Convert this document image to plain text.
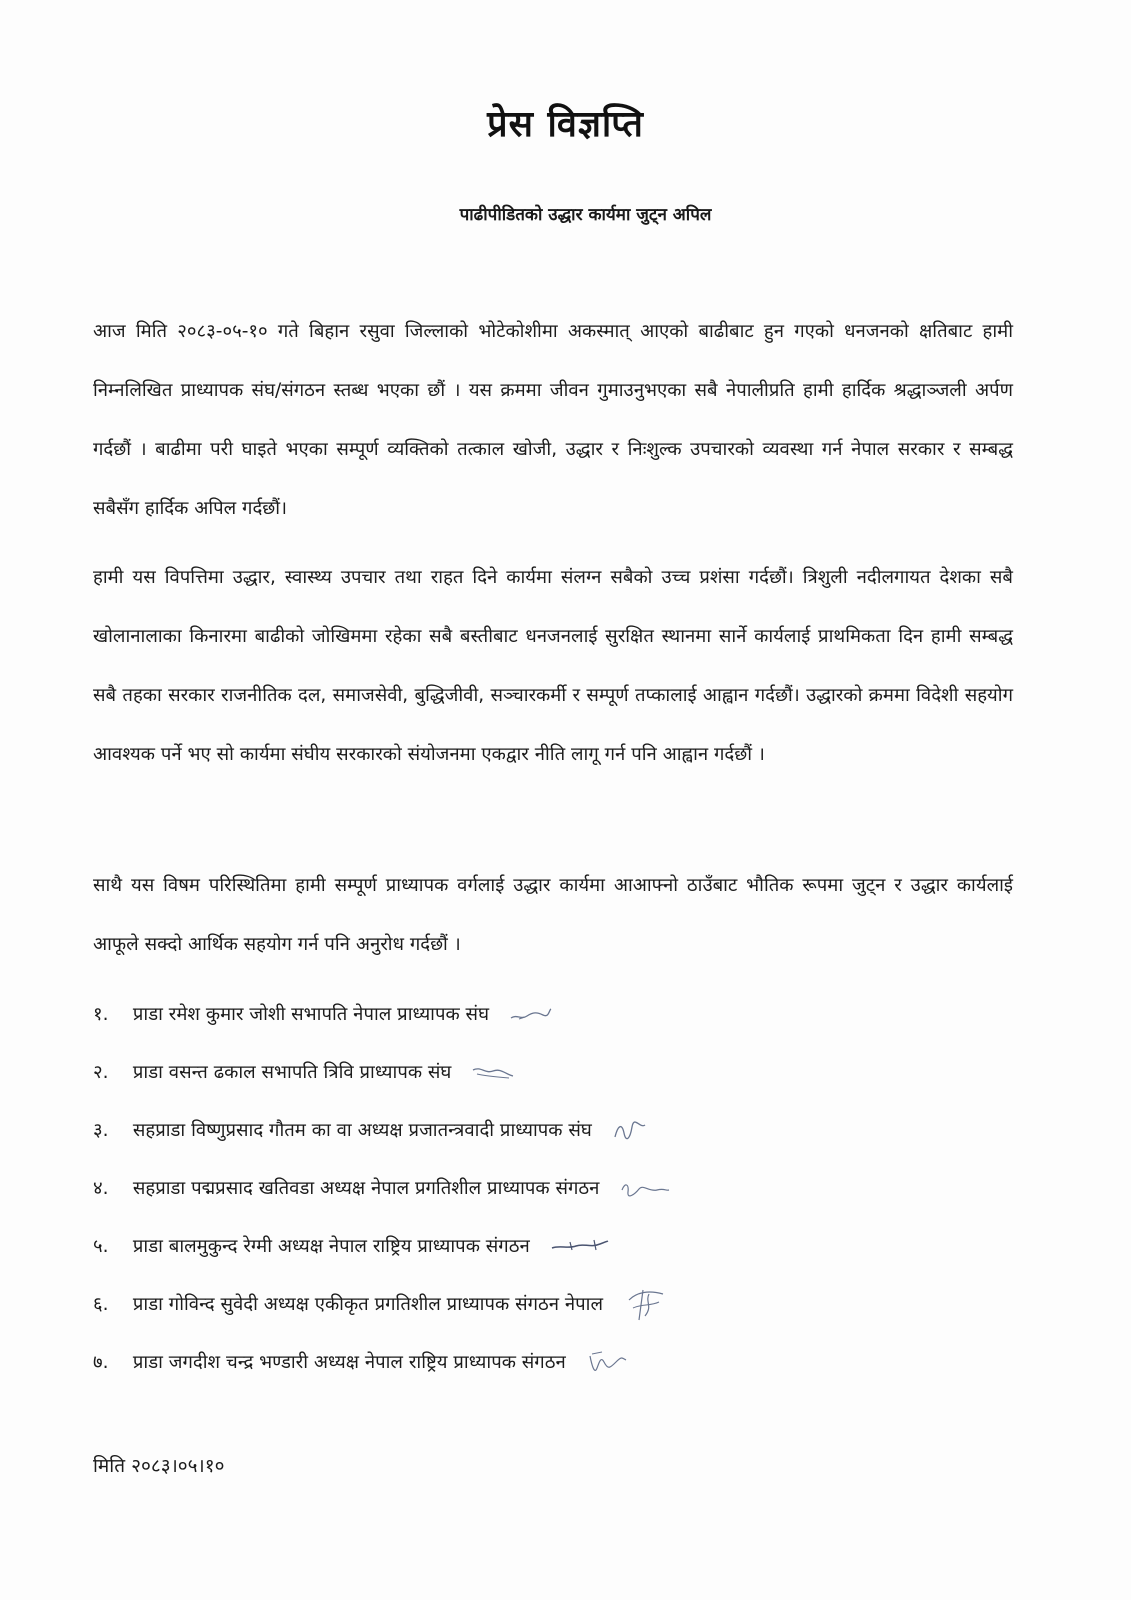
प्रेस विज्ञप्ति
पाढीपीडितको उद्धार कार्यमा जुट्न अपिल
आज मिति २०८३-०५-१० गते बिहान रसुवा जिल्लाको भोटेकोशीमा अकस्मात् आएको बाढीबाट हुन गएको धनजनको क्षतिबाट हामी निम्नलिखित प्राध्यापक संघ/संगठन स्तब्ध भएका छौं । यस क्रममा जीवन गुमाउनुभएका सबै नेपालीप्रति हामी हार्दिक श्रद्धाञ्जली अर्पण गर्दछौं । बाढीमा परी घाइते भएका सम्पूर्ण व्यक्तिको तत्काल खोजी, उद्धार र निःशुल्क उपचारको व्यवस्था गर्न नेपाल सरकार र सम्बद्ध सबैसँग हार्दिक अपिल गर्दछौं।
हामी यस विपत्तिमा उद्धार, स्वास्थ्य उपचार तथा राहत दिने कार्यमा संलग्न सबैको उच्च प्रशंसा गर्दछौं। त्रिशुली नदीलगायत देशका सबै खोलानालाका किनारमा बाढीको जोखिममा रहेका सबै बस्तीबाट धनजनलाई सुरक्षित स्थानमा सार्ने कार्यलाई प्राथमिकता दिन हामी सम्बद्ध सबै तहका सरकार राजनीतिक दल, समाजसेवी, बुद्धिजीवी, सञ्चारकर्मी र सम्पूर्ण तप्कालाई आह्वान गर्दछौं। उद्धारको क्रममा विदेशी सहयोग आवश्यक पर्ने भए सो कार्यमा संघीय सरकारको संयोजनमा एकद्वार नीति लागू गर्न पनि आह्वान गर्दछौं ।
साथै यस विषम परिस्थितिमा हामी सम्पूर्ण प्राध्यापक वर्गलाई उद्धार कार्यमा आआफ्नो ठाउँबाट भौतिक रूपमा जुट्न र उद्धार कार्यलाई आफूले सक्दो आर्थिक सहयोग गर्न पनि अनुरोध गर्दछौं ।
१. प्राडा रमेश कुमार जोशी सभापति नेपाल प्राध्यापक संघ
२. प्राडा वसन्त ढकाल सभापति त्रिवि प्राध्यापक संघ
३. सहप्राडा विष्णुप्रसाद गौतम का वा अध्यक्ष प्रजातन्त्रवादी प्राध्यापक संघ
४. सहप्राडा पद्मप्रसाद खतिवडा अध्यक्ष नेपाल प्रगतिशील प्राध्यापक संगठन
५. प्राडा बालमुकुन्द रेग्मी अध्यक्ष नेपाल राष्ट्रिय प्राध्यापक संगठन
६. प्राडा गोविन्द सुवेदी अध्यक्ष एकीकृत प्रगतिशील प्राध्यापक संगठन नेपाल
७. प्राडा जगदीश चन्द्र भण्डारी अध्यक्ष नेपाल राष्ट्रिय प्राध्यापक संगठन
मिति २०८३।०५।१०
